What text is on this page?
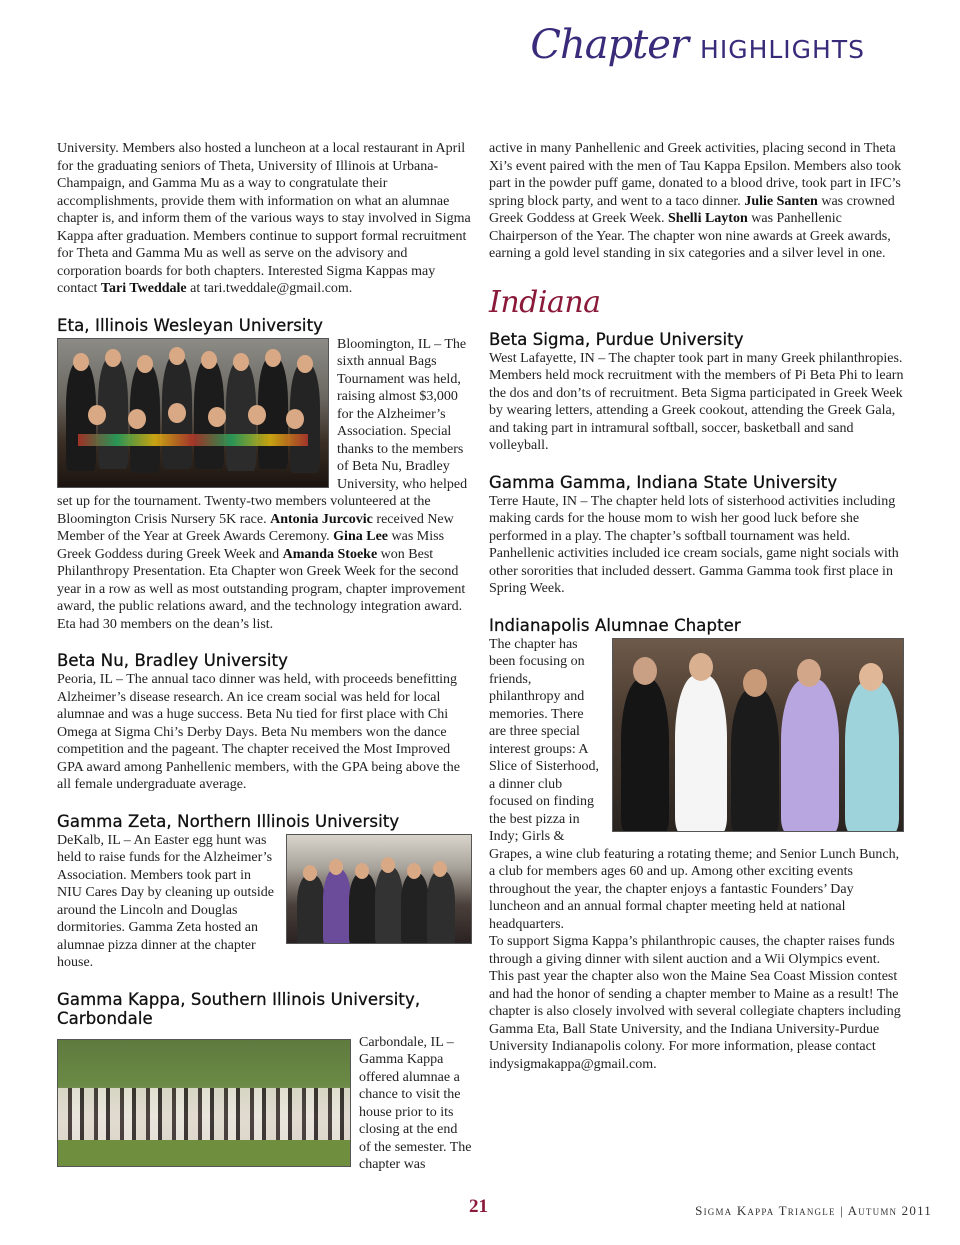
Chapter HIGHLIGHTS

University. Members also hosted a luncheon at a local restaurant in April for the graduating seniors of Theta, University of Illinois at Urbana-Champaign, and Gamma Mu as a way to congratulate their accomplishments, provide them with information on what an alumnae chapter is, and inform them of the various ways to stay involved in Sigma Kappa after graduation. Members continue to support formal recruitment for Theta and Gamma Mu as well as serve on the advisory and corporation boards for both chapters. Interested Sigma Kappas may contact Tari Tweddale at tari.tweddale@gmail.com.

Eta, Illinois Wesleyan University

Bloomington, IL – The sixth annual Bags Tournament was held, raising almost $3,000 for the Alzheimer’s Association. Special thanks to the members of Beta Nu, Bradley University, who helped set up for the tournament. Twenty-two members volunteered at the Bloomington Crisis Nursery 5K race. Antonia Jurcovic received New Member of the Year at Greek Awards Ceremony. Gina Lee was Miss Greek Goddess during Greek Week and Amanda Stoeke won Best Philanthropy Presentation. Eta Chapter won Greek Week for the second year in a row as well as most outstanding program, chapter improvement award, the public relations award, and the technology integration award. Eta had 30 members on the dean’s list.

Beta Nu, Bradley University

Peoria, IL – The annual taco dinner was held, with proceeds benefitting Alzheimer’s disease research. An ice cream social was held for local alumnae and was a huge success. Beta Nu tied for first place with Chi Omega at Sigma Chi’s Derby Days. Beta Nu members won the dance competition and the pageant. The chapter received the Most Improved GPA award among Panhellenic members, with the GPA being above the all female undergraduate average.

Gamma Zeta, Northern Illinois University

DeKalb, IL – An Easter egg hunt was held to raise funds for the Alzheimer’s Association. Members took part in NIU Cares Day by cleaning up outside around the Lincoln and Douglas dormitories. Gamma Zeta hosted an alumnae pizza dinner at the chapter house.

Gamma Kappa, Southern Illinois University, Carbondale

Carbondale, IL – Gamma Kappa offered alumnae a chance to visit the house prior to its closing at the end of the semester. The chapter was

active in many Panhellenic and Greek activities, placing second in Theta Xi’s event paired with the men of Tau Kappa Epsilon. Members also took part in the powder puff game, donated to a blood drive, took part in IFC’s spring block party, and went to a taco dinner. Julie Santen was crowned Greek Goddess at Greek Week. Shelli Layton was Panhellenic Chairperson of the Year. The chapter won nine awards at Greek awards, earning a gold level standing in six categories and a silver level in one.

Indiana
Beta Sigma, Purdue University

West Lafayette, IN – The chapter took part in many Greek philanthropies. Members held mock recruitment with the members of Pi Beta Phi to learn the dos and don’ts of recruitment. Beta Sigma participated in Greek Week by wearing letters, attending a Greek cookout, attending the Greek Gala, and taking part in intramural softball, soccer, basketball and sand volleyball.

Gamma Gamma, Indiana State University

Terre Haute, IN – The chapter held lots of sisterhood activities including making cards for the house mom to wish her good luck before she performed in a play. The chapter’s softball tournament was held. Panhellenic activities included ice cream socials, game night socials with other sororities that included dessert. Gamma Gamma took first place in Spring Week.

Indianapolis Alumnae Chapter

The chapter has been focusing on friends, philanthropy and memories. There are three special interest groups: A Slice of Sisterhood, a dinner club focused on finding the best pizza in Indy; Girls & Grapes, a wine club featuring a rotating theme; and Senior Lunch Bunch, a club for members ages 60 and up. Among other exciting events throughout the year, the chapter enjoys a fantastic Founders’ Day luncheon and an annual formal chapter meeting held at national headquarters.

To support Sigma Kappa’s philanthropic causes, the chapter raises funds through a giving dinner with silent auction and a Wii Olympics event. This past year the chapter also won the Maine Sea Coast Mission contest and had the honor of sending a chapter member to Maine as a result! The chapter is also closely involved with several collegiate chapters including Gamma Eta, Ball State University, and the Indiana University-Purdue University Indianapolis colony. For more information, please contact indysigmakappa@gmail.com.

21	Sigma Kappa Triangle | Autumn 2011
